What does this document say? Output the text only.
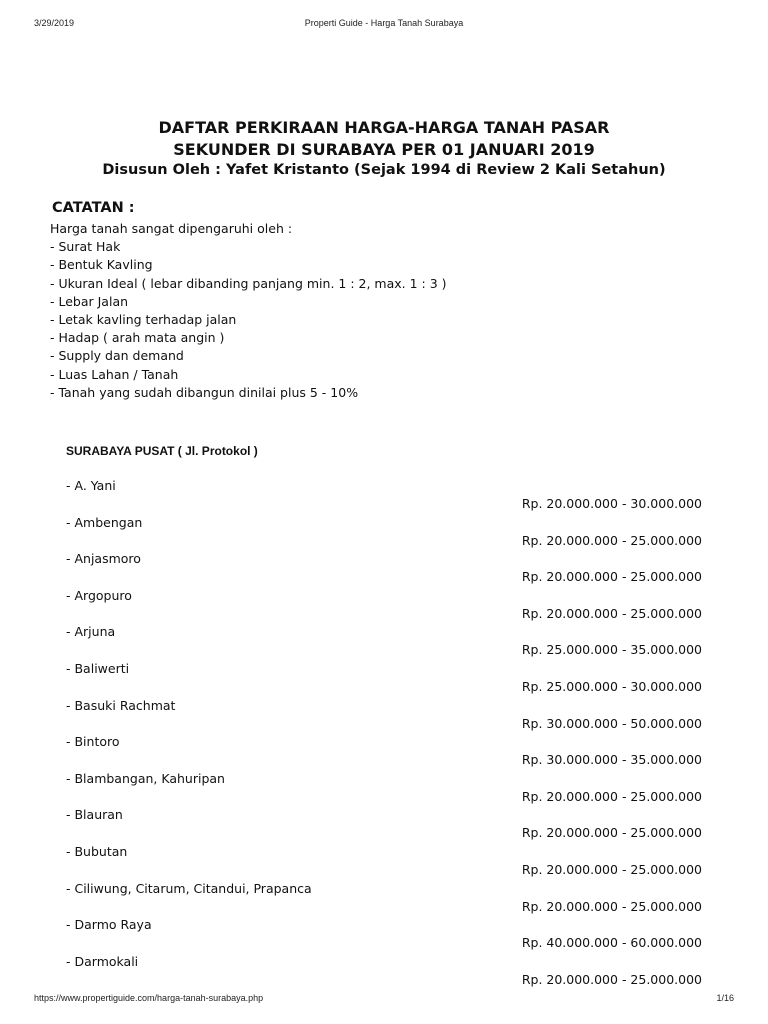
3/29/2019	Properti Guide - Harga Tanah Surabaya
DAFTAR PERKIRAAN HARGA-HARGA TANAH PASAR
SEKUNDER DI SURABAYA PER 01 JANUARI 2019
Disusun Oleh : Yafet Kristanto (Sejak 1994 di Review 2 Kali Setahun)
CATATAN :
Harga tanah sangat dipengaruhi oleh :
- Surat Hak
- Bentuk Kavling
- Ukuran Ideal ( lebar dibanding panjang min. 1 : 2, max. 1 : 3 )
- Lebar Jalan
- Letak kavling terhadap jalan
- Hadap ( arah mata angin )
- Supply dan demand
- Luas Lahan / Tanah
- Tanah yang sudah dibangun dinilai plus 5 - 10%
SURABAYA PUSAT ( Jl. Protokol )
- A. Yani
Rp. 20.000.000 - 30.000.000
- Ambengan
Rp. 20.000.000 - 25.000.000
- Anjasmoro
Rp. 20.000.000 - 25.000.000
- Argopuro
Rp. 20.000.000 - 25.000.000
- Arjuna
Rp. 25.000.000 - 35.000.000
- Baliwerti
Rp. 25.000.000 - 30.000.000
- Basuki Rachmat
Rp. 30.000.000 - 50.000.000
- Bintoro
Rp. 30.000.000 - 35.000.000
- Blambangan, Kahuripan
Rp. 20.000.000 - 25.000.000
- Blauran
Rp. 20.000.000 - 25.000.000
- Bubutan
Rp. 20.000.000 - 25.000.000
- Ciliwung, Citarum, Citandui, Prapanca
Rp. 20.000.000 - 25.000.000
- Darmo Raya
Rp. 40.000.000 - 60.000.000
- Darmokali
Rp. 20.000.000 - 25.000.000
https://www.propertiguide.com/harga-tanah-surabaya.php	1/16
